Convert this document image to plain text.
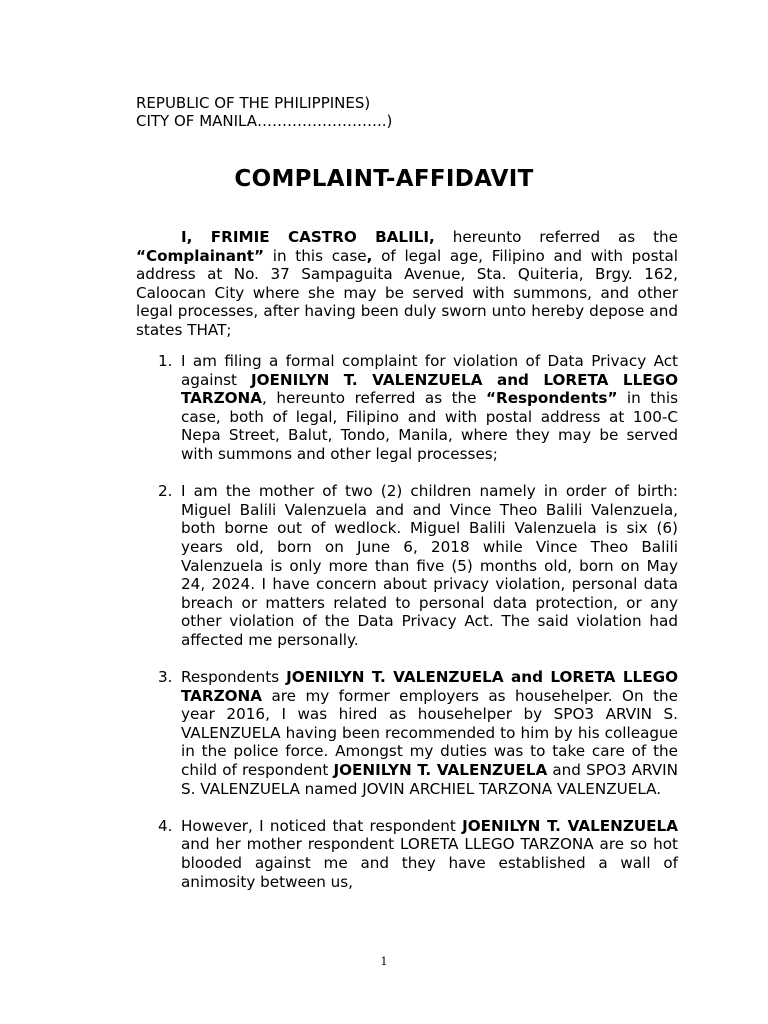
REPUBLIC OF THE PHILIPPINES)
CITY OF MANILA……………………..)
COMPLAINT-AFFIDAVIT
I, FRIMIE CASTRO BALILI, hereunto referred as the “Complainant” in this case, of legal age, Filipino and with postal address at No. 37 Sampaguita Avenue, Sta. Quiteria, Brgy. 162, Caloocan City where she may be served with summons, and other legal processes, after having been duly sworn unto hereby depose and states THAT;
1. I am filing a formal complaint for violation of Data Privacy Act against JOENILYN T. VALENZUELA and LORETA LLEGO TARZONA, hereunto referred as the “Respondents” in this case, both of legal, Filipino and with postal address at 100-C Nepa Street, Balut, Tondo, Manila, where they may be served with summons and other legal processes;
2. I am the mother of two (2) children namely in order of birth: Miguel Balili Valenzuela and and Vince Theo Balili Valenzuela, both borne out of wedlock. Miguel Balili Valenzuela is six (6) years old, born on June 6, 2018 while Vince Theo Balili Valenzuela is only more than five (5) months old, born on May 24, 2024. I have concern about privacy violation, personal data breach or matters related to personal data protection, or any other violation of the Data Privacy Act. The said violation had affected me personally.
3. Respondents JOENILYN T. VALENZUELA and LORETA LLEGO TARZONA are my former employers as househelper. On the year 2016, I was hired as househelper by SPO3 ARVIN S. VALENZUELA having been recommended to him by his colleague in the police force. Amongst my duties was to take care of the child of respondent JOENILYN T. VALENZUELA and SPO3 ARVIN S. VALENZUELA named JOVIN ARCHIEL TARZONA VALENZUELA.
4. However, I noticed that respondent JOENILYN T. VALENZUELA and her mother respondent LORETA LLEGO TARZONA are so hot blooded against me and they have established a wall of animosity between us,
1
